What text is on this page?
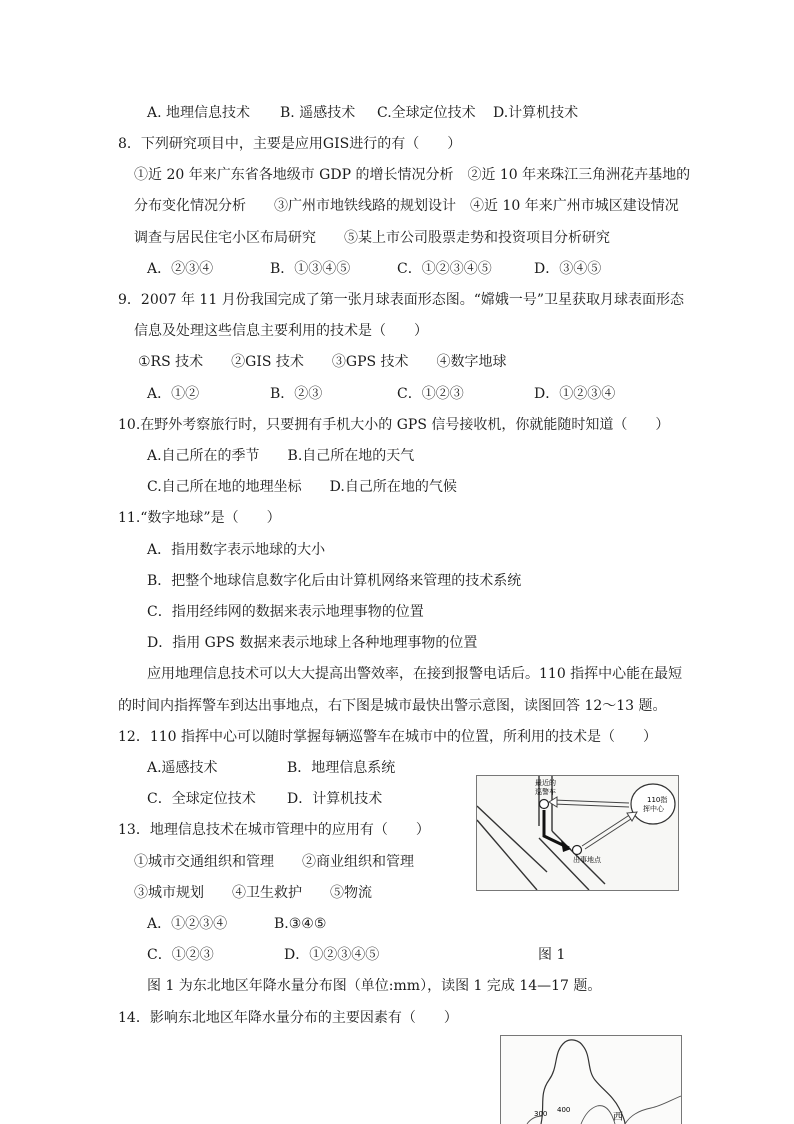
A. 地理信息技术 B. 遥感技术 C.全球定位技术 D.计算机技术
8．下列研究项目中，主要是应用GIS进行的有（　　）
①近 20 年来广东省各地级市 GDP 的增长情况分析　②近 10 年来珠江三角洲花卉基地的
分布变化情况分析　　③广州市地铁线路的规划设计　④近 10 年来广州市城区建设情况
调查与居民住宅小区布局研究　　⑤某上市公司股票走势和投资项目分析研究
A．②③④	B．①③④⑤	C．①②③④⑤	D．③④⑤
9．2007 年 11 月份我国完成了第一张月球表面形态图。“嫦娥一号”卫星获取月球表面形态
信息及处理这些信息主要利用的技术是（　　）
①RS 技术　　②GIS 技术　　③GPS 技术　　④数字地球
A．①②	B．②③	C．①②③	D．①②③④
10.在野外考察旅行时，只要拥有手机大小的 GPS 信号接收机，你就能随时知道（　　）
A.自己所在的季节　　B.自己所在地的天气
C.自己所在地的地理坐标　　D.自己所在地的气候
11.“数字地球”是（　　）
A．指用数字表示地球的大小
B．把整个地球信息数字化后由计算机网络来管理的技术系统
C．指用经纬网的数据来表示地理事物的位置
D．指用 GPS 数据来表示地球上各种地理事物的位置
应用地理信息技术可以大大提高出警效率，在接到报警电话后。110 指挥中心能在最短
的时间内指挥警车到达出事地点，右下图是城市最快出警示意图，读图回答 12～13 题。
12．110 指挥中心可以随时掌握每辆巡警车在城市中的位置，所利用的技术是（　　）
A.遥感技术	B．地理信息系统
C．全球定位技术 D．计算机技术
13．地理信息技术在城市管理中的应用有（　　）
①城市交通组织和管理　　②商业组织和管理
③城市规划　　④卫生救护　　⑤物流
A．①②③④	B.③④⑤
C．①②③	D．①②③④⑤	图 1
最近的
巡警车
110指
挥中心
出事地点
图 1 为东北地区年降水量分布图（单位:mm），读图 1 完成 14—17 题。
14．影响东北地区年降水量分布的主要因素有（　　）
300 400
西
